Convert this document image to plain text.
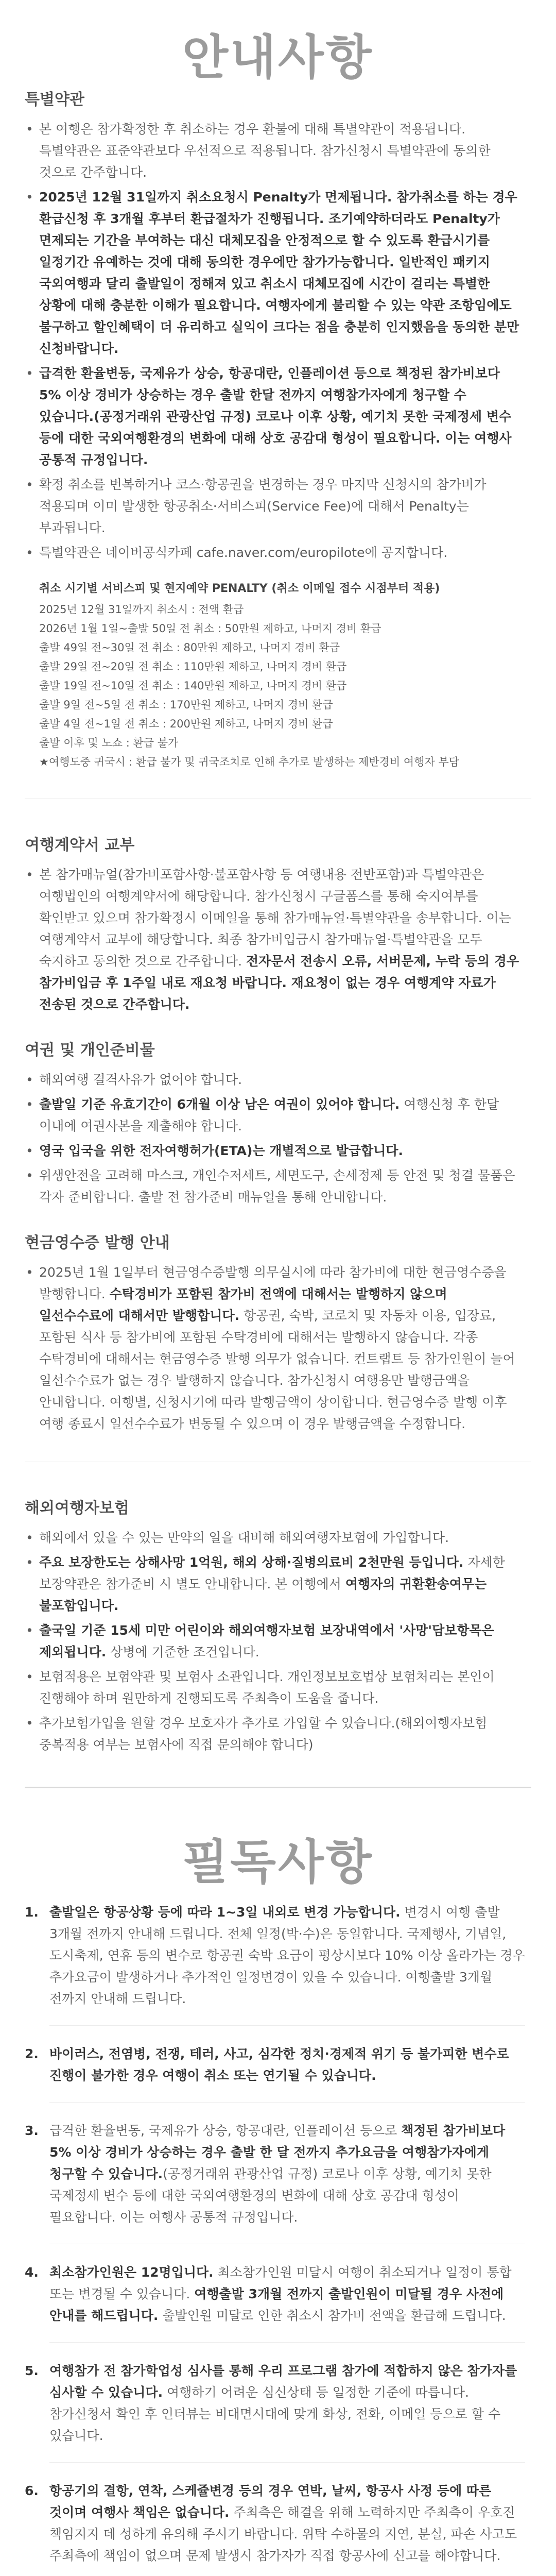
안내사항
특별약관
• 본 여행은 참가확정한 후 취소하는 경우 환불에 대해 특별약관이 적용됩니다. 특별약관은 표준약관보다 우선적으로 적용됩니다. 참가신청시 특별약관에 동의한 것으로 간주합니다.
• 2025년 12월 31일까지 취소요청시 Penalty가 면제됩니다. 참가취소를 하는 경우 환급신청 후 3개월 후부터 환급절차가 진행됩니다. 조기예약하더라도 Penalty가 면제되는 기간을 부여하는 대신 대체모집을 안정적으로 할 수 있도록 환급시기를 일정기간 유예하는 것에 대해 동의한 경우에만 참가가능합니다. 일반적인 패키지 국외여행과 달리 출발일이 정해져 있고 취소시 대체모집에 시간이 걸리는 특별한 상황에 대해 충분한 이해가 필요합니다. 여행자에게 불리할 수 있는 약관 조항임에도 불구하고 할인혜택이 더 유리하고 실익이 크다는 점을 충분히 인지했음을 동의한 분만 신청바랍니다.
• 급격한 환율변동, 국제유가 상승, 항공대란, 인플레이션 등으로 책정된 참가비보다 5% 이상 경비가 상승하는 경우 출발 한달 전까지 여행참가자에게 청구할 수 있습니다.(공정거래위 관광산업 규정) 코로나 이후 상황, 예기치 못한 국제정세 변수 등에 대한 국외여행환경의 변화에 대해 상호 공감대 형성이 필요합니다. 이는 여행사 공통적 규정입니다.
• 확정 취소를 번복하거나 코스·항공권을 변경하는 경우 마지막 신청시의 참가비가 적용되며 이미 발생한 항공취소·서비스피(Service Fee)에 대해서 Penalty는 부과됩니다.
• 특별약관은 네이버공식카페 cafe.naver.com/europilote에 공지합니다.
취소 시기별 서비스피 및 현지예약 PENALTY (취소 이메일 접수 시점부터 적용)
2025년 12월 31일까지 취소시 : 전액 환급
2026년 1월 1일~출발 50일 전 취소 : 50만원 제하고, 나머지 경비 환급
출발 49일 전~30일 전 취소 : 80만원 제하고, 나머지 경비 환급
출발 29일 전~20일 전 취소 : 110만원 제하고, 나머지 경비 환급
출발 19일 전~10일 전 취소 : 140만원 제하고, 나머지 경비 환급
출발 9일 전~5일 전 취소 : 170만원 제하고, 나머지 경비 환급
출발 4일 전~1일 전 취소 : 200만원 제하고, 나머지 경비 환급
출발 이후 및 노쇼 : 환급 불가
★여행도중 귀국시 : 환급 불가 및 귀국조치로 인해 추가로 발생하는 제반경비 여행자 부담
여행계약서 교부
• 본 참가매뉴얼(참가비포함사항·불포함사항 등 여행내용 전반포함)과 특별약관은 여행법인의 여행계약서에 해당합니다. 참가신청시 구글폼스를 통해 숙지여부를 확인받고 있으며 참가확정시 이메일을 통해 참가매뉴얼·특별약관을 송부합니다. 이는 여행계약서 교부에 해당합니다. 최종 참가비입금시 참가매뉴얼·특별약관을 모두 숙지하고 동의한 것으로 간주합니다. 전자문서 전송시 오류, 서버문제, 누락 등의 경우 참가비입금 후 1주일 내로 재요청 바랍니다. 재요청이 없는 경우 여행계약 자료가 전송된 것으로 간주합니다.
여권 및 개인준비물
• 해외여행 결격사유가 없어야 합니다.
• 출발일 기준 유효기간이 6개월 이상 남은 여권이 있어야 합니다. 여행신청 후 한달 이내에 여권사본을 제출해야 합니다.
• 영국 입국을 위한 전자여행허가(ETA)는 개별적으로 발급합니다.
• 위생안전을 고려해 마스크, 개인수저세트, 세면도구, 손세정제 등 안전 및 청결 물품은 각자 준비합니다. 출발 전 참가준비 매뉴얼을 통해 안내합니다.
현금영수증 발행 안내
• 2025년 1월 1일부터 현금영수증발행 의무실시에 따라 참가비에 대한 현금영수증을 발행합니다. 수탁경비가 포함된 참가비 전액에 대해서는 발행하지 않으며 일선수수료에 대해서만 발행합니다. 항공권, 숙박, 코로치 및 자동차 이용, 입장료, 포함된 식사 등 참가비에 포함된 수탁경비에 대해서는 발행하지 않습니다. 각종 수탁경비에 대해서는 현금영수증 발행 의무가 없습니다. 컨트랩트 등 참가인원이 늘어 일선수수료가 없는 경우 발행하지 않습니다. 참가신청시 여행용만 발행금액을 안내합니다. 여행별, 신청시기에 따라 발행금액이 상이합니다. 현금영수증 발행 이후 여행 종료시 일선수수료가 변동될 수 있으며 이 경우 발행금액을 수정합니다.
해외여행자보험
• 해외에서 있을 수 있는 만약의 일을 대비해 해외여행자보험에 가입합니다.
• 주요 보장한도는 상해사망 1억원, 해외 상해·질병의료비 2천만원 등입니다. 자세한 보장약관은 참가준비 시 별도 안내합니다. 본 여행에서 여행자의 귀환환송여무는 불포함입니다.
• 출국일 기준 15세 미만 어린이와 해외여행자보험 보장내역에서 '사망'담보항목은 제외됩니다. 상병에 기준한 조건입니다.
• 보험적용은 보험약관 및 보험사 소관입니다. 개인정보보호법상 보험처리는 본인이 진행해야 하며 원만하게 진행되도록 주최측이 도움을 줍니다.
• 추가보험가입을 원할 경우 보호자가 추가로 가입할 수 있습니다.(해외여행자보험 중복적용 여부는 보험사에 직접 문의해야 합니다)
필독사항
1. 출발일은 항공상황 등에 따라 1~3일 내외로 변경 가능합니다. 변경시 여행 출발 3개월 전까지 안내해 드립니다. 전체 일정(박·수)은 동일합니다. 국제행사, 기념일, 도시축제, 연휴 등의 변수로 항공권 숙박 요금이 평상시보다 10% 이상 올라가는 경우 추가요금이 발생하거나 추가적인 일정변경이 있을 수 있습니다. 여행출발 3개월 전까지 안내해 드립니다.
2. 바이러스, 전염병, 전쟁, 테러, 사고, 심각한 정치·경제적 위기 등 불가피한 변수로 진행이 불가한 경우 여행이 취소 또는 연기될 수 있습니다.
3. 급격한 환율변동, 국제유가 상승, 항공대란, 인플레이션 등으로 책정된 참가비보다 5% 이상 경비가 상승하는 경우 출발 한 달 전까지 추가요금을 여행참가자에게 청구할 수 있습니다.(공정거래위 관광산업 규정) 코로나 이후 상황, 예기치 못한 국제정세 변수 등에 대한 국외여행환경의 변화에 대해 상호 공감대 형성이 필요합니다. 이는 여행사 공통적 규정입니다.
4. 최소참가인원은 12명입니다. 최소참가인원 미달시 여행이 취소되거나 일정이 통합 또는 변경될 수 있습니다. 여행출발 3개월 전까지 출발인원이 미달될 경우 사전에 안내를 해드립니다. 출발인원 미달로 인한 취소시 참가비 전액을 환급해 드립니다.
5. 여행참가 전 참가학업성 심사를 통해 우리 프로그램 참가에 적합하지 않은 참가자를 심사할 수 있습니다. 여행하기 어려운 심신상태 등 일정한 기준에 따릅니다. 참가신청서 확인 후 인터뷰는 비대면시대에 맞게 화상, 전화, 이메일 등으로 할 수 있습니다.
6. 항공기의 결항, 연착, 스케쥴변경 등의 경우 연박, 날씨, 항공사 사정 등에 따른 것이며 여행사 책임은 없습니다. 주최측은 해결을 위해 노력하지만 주최측이 우호진 책임지지 데 성하게 유의해 주시기 바랍니다. 위탁 수하물의 지연, 분실, 파손 사고도 주최측에 책임이 없으며 문제 발생시 참가자가 직접 항공사에 신고를 해야합니다.
